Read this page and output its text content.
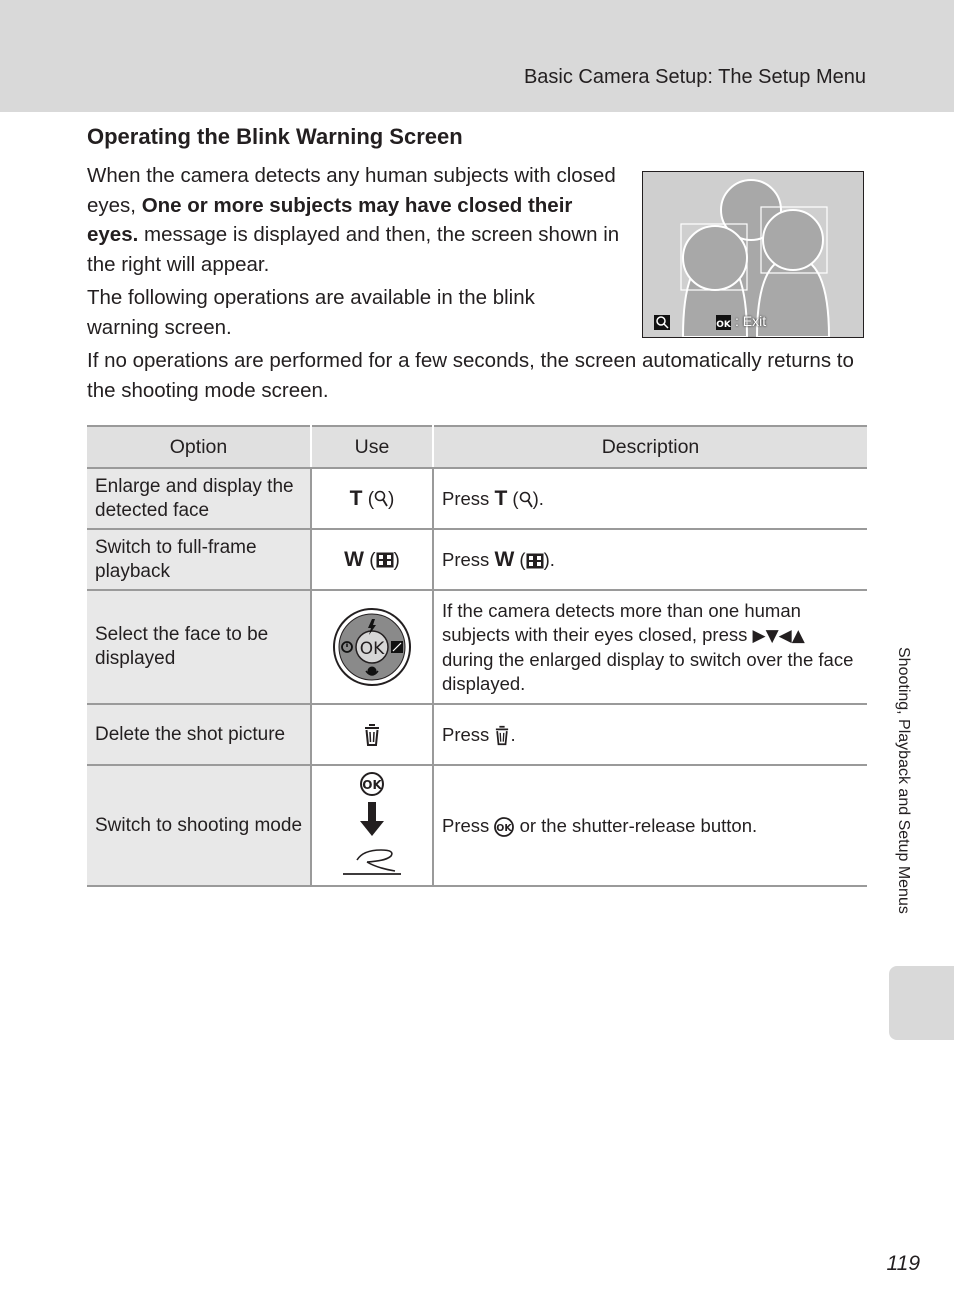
Basic Camera Setup: The Setup Menu
Operating the Blink Warning Screen
When the camera detects any human subjects with closed eyes, One or more subjects may have closed their eyes. message is displayed and then, the screen shown in the right will appear.
The following operations are available in the blink warning screen.
If no operations are performed for a few seconds, the screen automatically returns to the shooting mode screen.
OK : Exit
Option	Use	Description
Enlarge and display the detected face	T ( )	Press T ( ).
Switch to full-frame playback	W ( )	Press W ( ).
Select the face to be displayed	OK	If the camera detects more than one human subjects with their eyes closed, press ▶▼◀▲ during the enlarged display to switch over the face displayed.
Delete the shot picture		Press .
Switch to shooting mode	OK	Press OK or the shutter-release button.	Shooting, Playback and Setup Menus
119
